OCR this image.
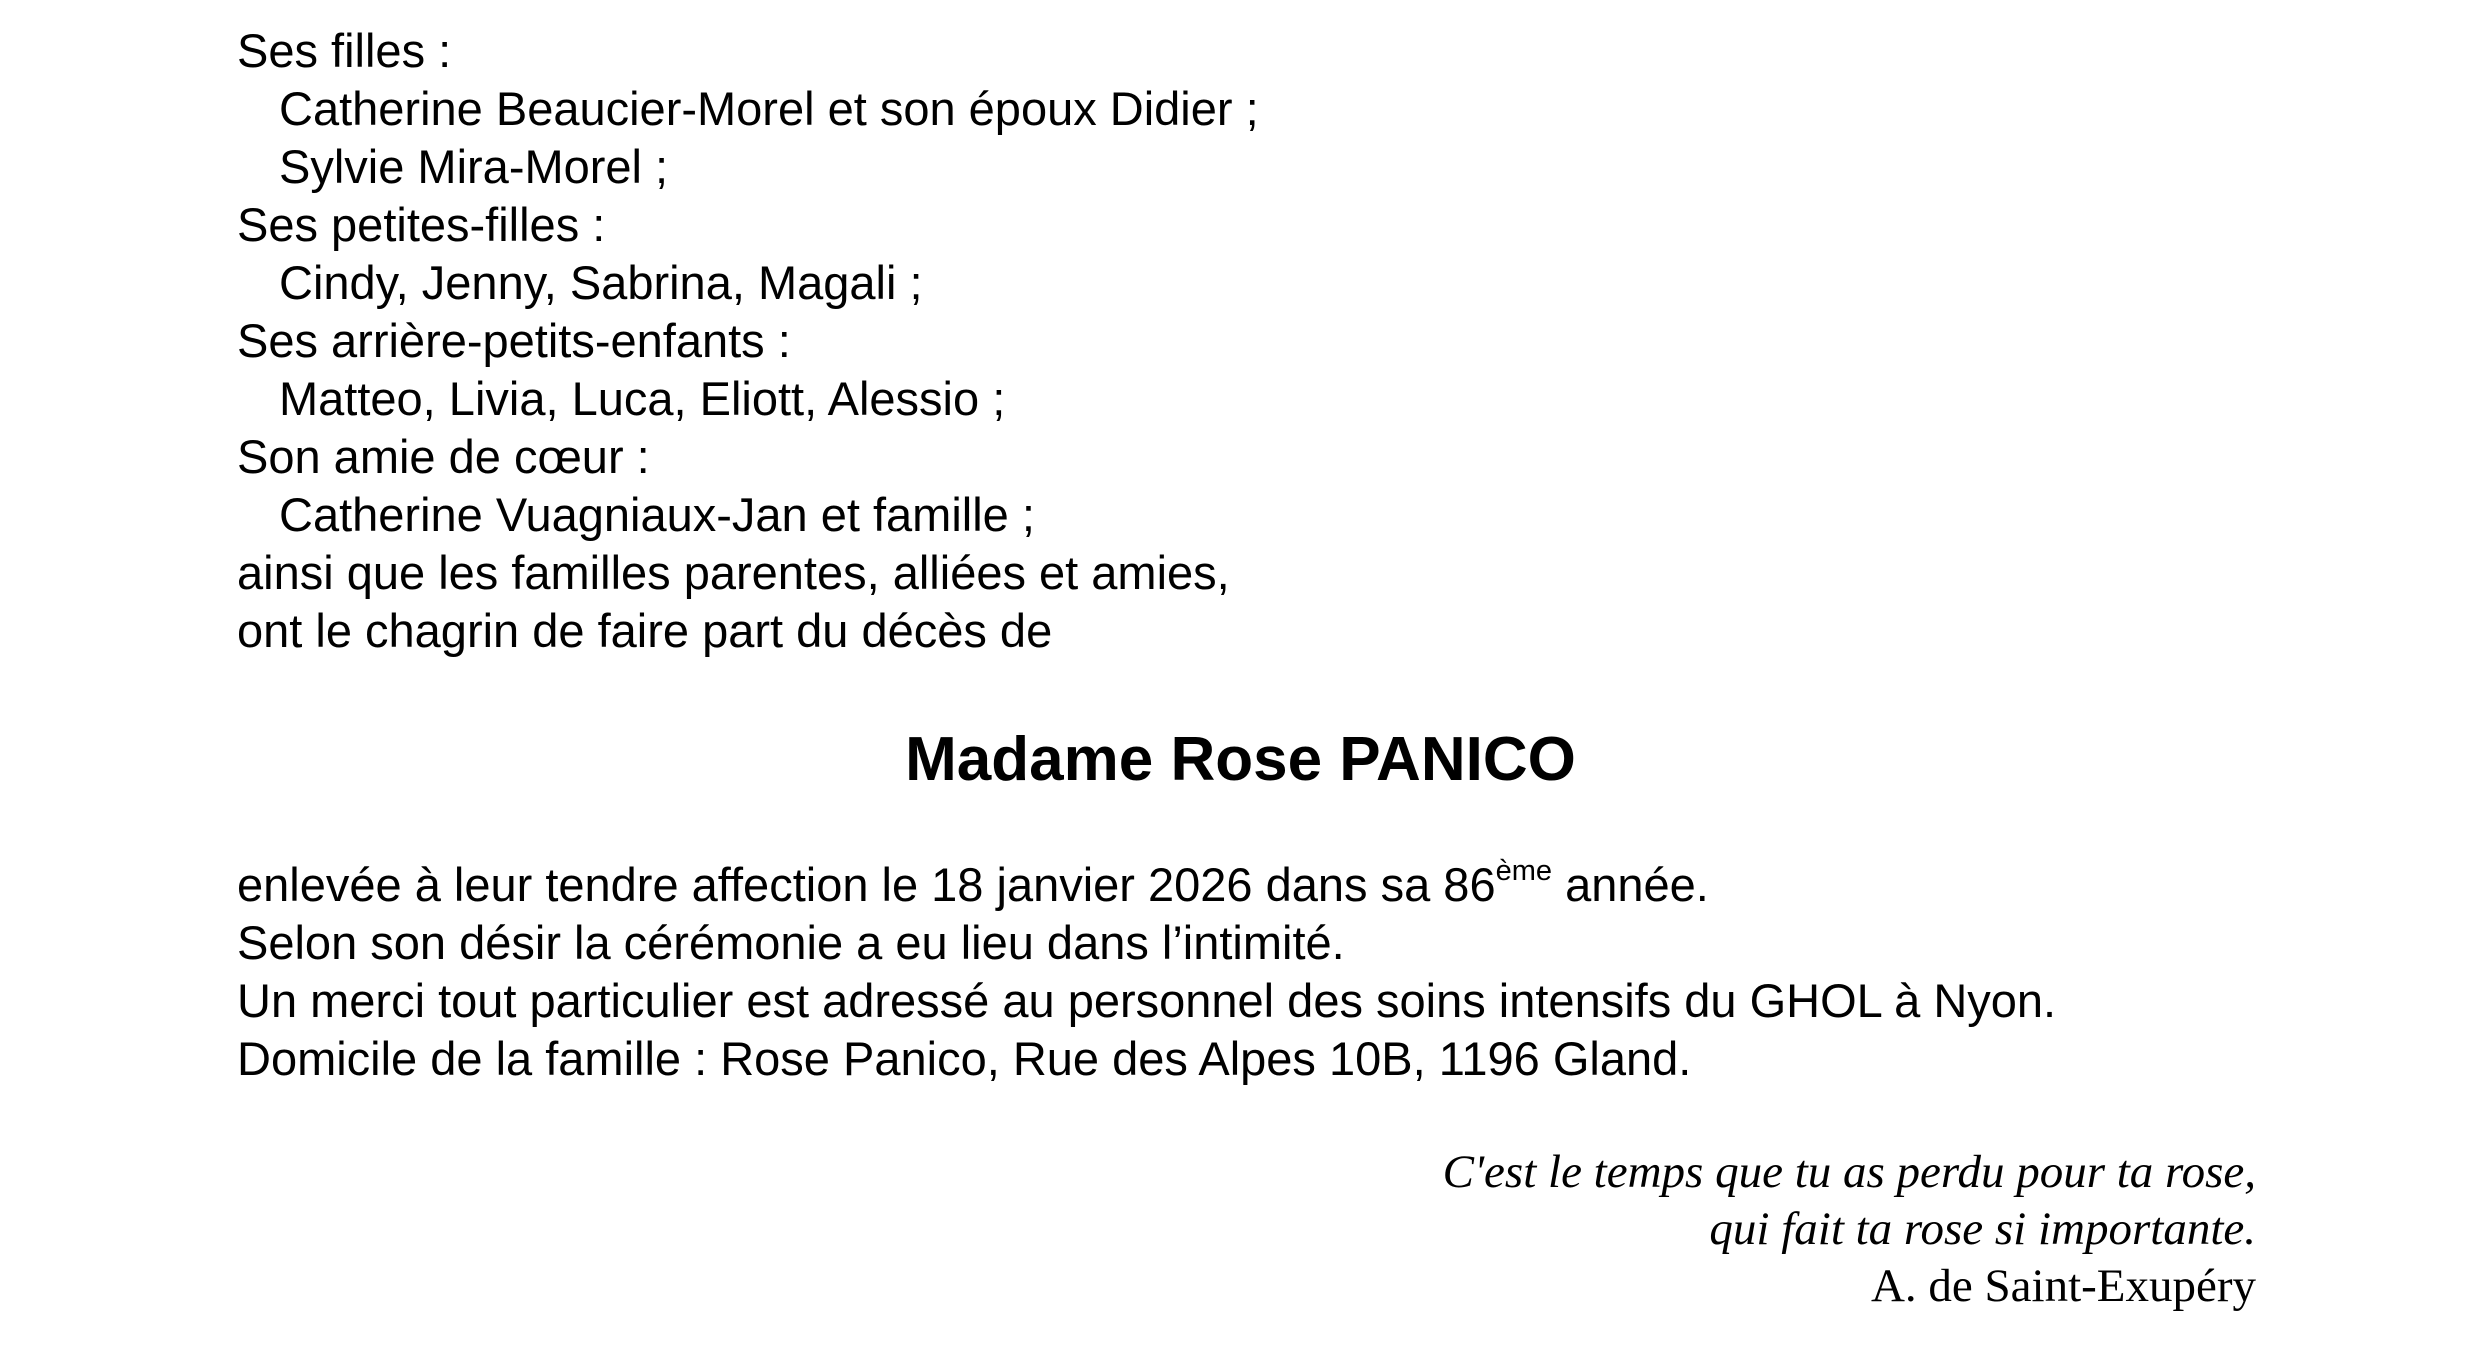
Ses filles :
Catherine Beaucier-Morel et son époux Didier ;
Sylvie Mira-Morel ;
Ses petites-filles :
Cindy, Jenny, Sabrina, Magali ;
Ses arrière-petits-enfants :
Matteo, Livia, Luca, Eliott, Alessio ;
Son amie de cœur :
Catherine Vuagniaux-Jan et famille ;
ainsi que les familles parentes, alliées et amies,
ont le chagrin de faire part du décès de
Madame Rose PANICO
enlevée à leur tendre affection le 18 janvier 2026 dans sa 86ème année.
Selon son désir la cérémonie a eu lieu dans l’intimité.
Un merci tout particulier est adressé au personnel des soins intensifs du GHOL à Nyon.
Domicile de la famille : Rose Panico, Rue des Alpes 10B, 1196 Gland.
C'est le temps que tu as perdu pour ta rose,
qui fait ta rose si importante.
A. de Saint-Exupéry
